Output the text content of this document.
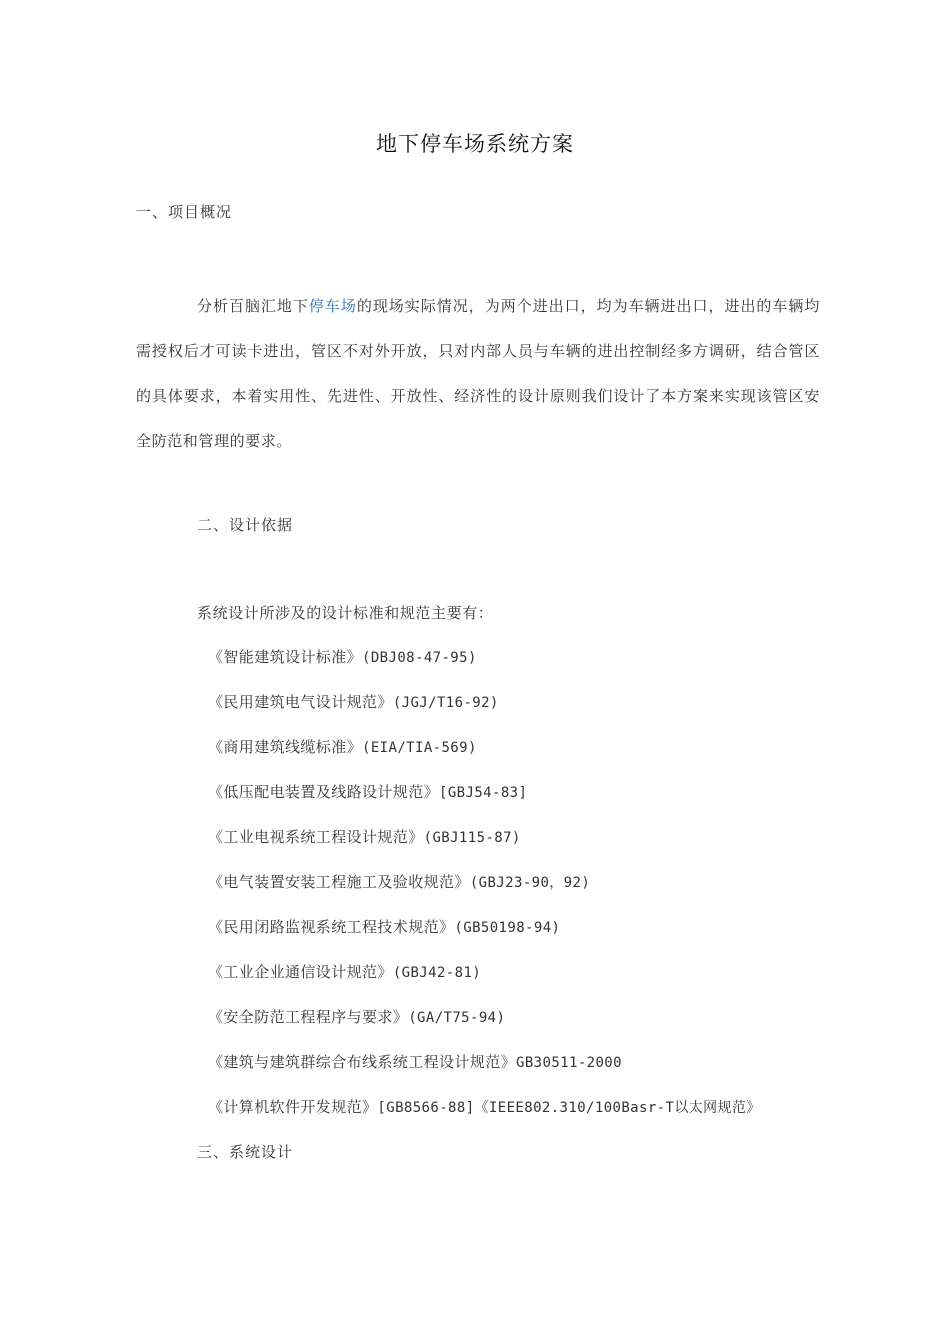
地下停车场系统方案
一、项目概况
分析百脑汇地下停车场的现场实际情况，为两个进出口，均为车辆进出口，进出的车辆均需授权后才可读卡进出，管区不对外开放，只对内部人员与车辆的进出控制经多方调研，结合管区的具体要求，本着实用性、先进性、开放性、经济性的设计原则我们设计了本方案来实现该管区安全防范和管理的要求。
二、设计依据
系统设计所涉及的设计标准和规范主要有：
《智能建筑设计标准》(DBJ08-47-95)
《民用建筑电气设计规范》(JGJ/T16-92)
《商用建筑线缆标准》(EIA/TIA-569)
《低压配电装置及线路设计规范》[GBJ54-83]
《工业电视系统工程设计规范》(GBJ115-87)
《电气装置安装工程施工及验收规范》(GBJ23-90，92)
《民用闭路监视系统工程技术规范》(GB50198-94)
《工业企业通信设计规范》(GBJ42-81)
《安全防范工程程序与要求》(GA/T75-94)
《建筑与建筑群综合布线系统工程设计规范》GB30511-2000
《计算机软件开发规范》[GB8566-88]《IEEE802.310/100Basr-T以太网规范》
三、系统设计
